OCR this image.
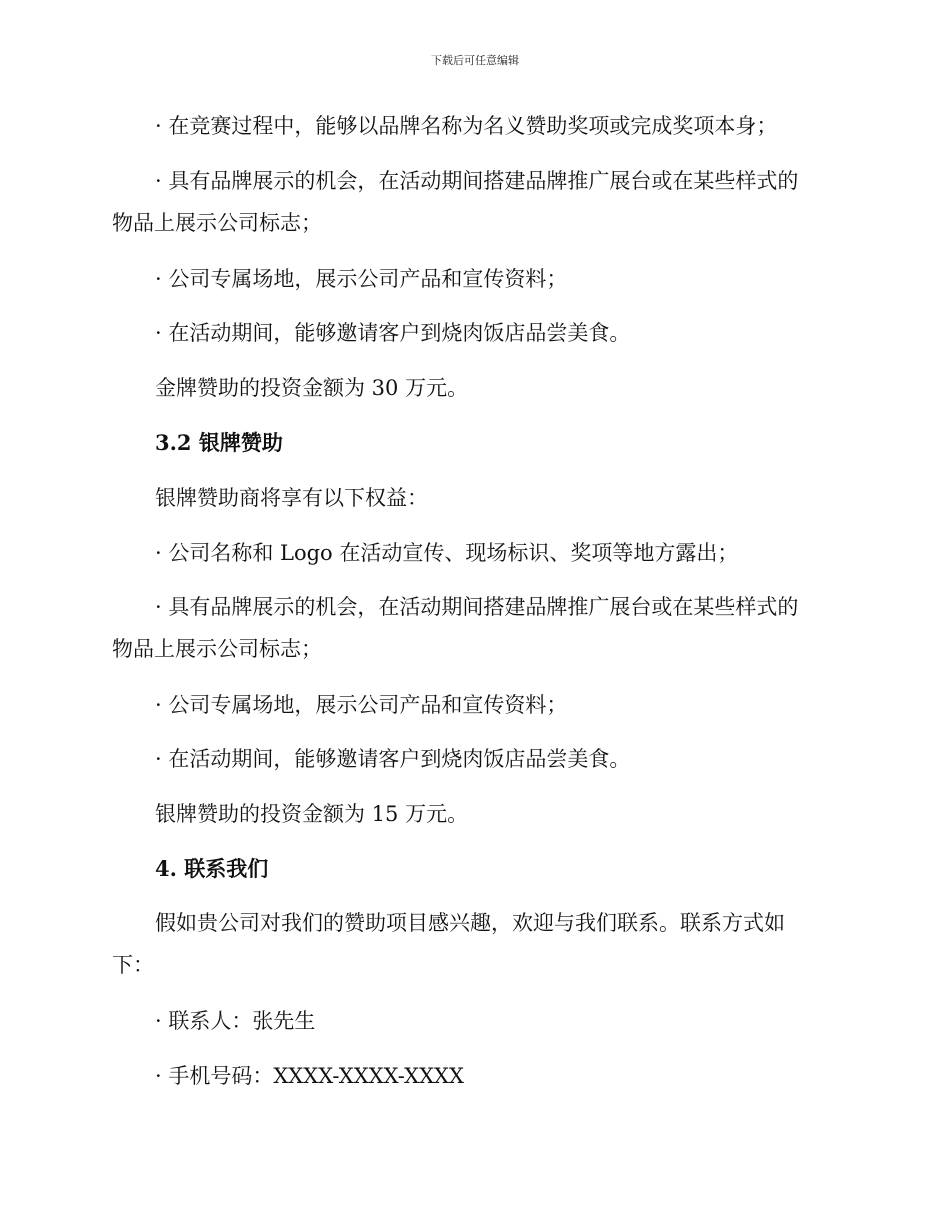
下载后可任意编辑
· 在竞赛过程中，能够以品牌名称为名义赞助奖项或完成奖项本身；
· 具有品牌展示的机会，在活动期间搭建品牌推广展台或在某些样式的
物品上展示公司标志；
· 公司专属场地，展示公司产品和宣传资料；
· 在活动期间，能够邀请客户到烧肉饭店品尝美食。
金牌赞助的投资金额为 30 万元。
3.2 银牌赞助
银牌赞助商将享有以下权益：
· 公司名称和 Logo 在活动宣传、现场标识、奖项等地方露出；
· 具有品牌展示的机会，在活动期间搭建品牌推广展台或在某些样式的
物品上展示公司标志；
· 公司专属场地，展示公司产品和宣传资料；
· 在活动期间，能够邀请客户到烧肉饭店品尝美食。
银牌赞助的投资金额为 15 万元。
4. 联系我们
假如贵公司对我们的赞助项目感兴趣，欢迎与我们联系。联系方式如
下：
· 联系人：张先生
· 手机号码：XXXX-XXXX-XXXX
